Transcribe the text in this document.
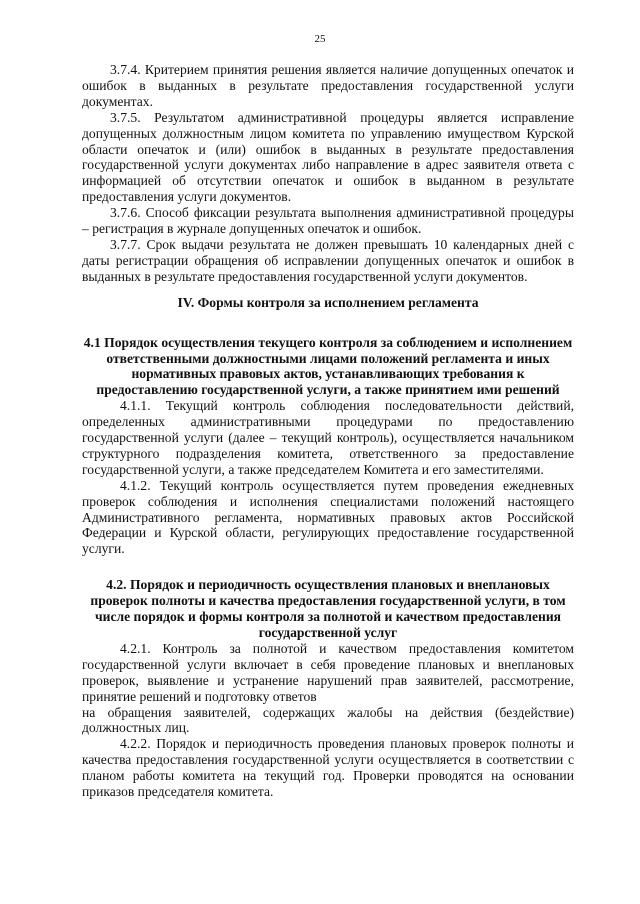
25

3.7.4. Критерием принятия решения является наличие допущенных опечаток и ошибок в выданных в результате предоставления государственной услуги документах.

3.7.5. Результатом административной процедуры является исправление допущенных должностным лицом комитета по управлению имуществом Курской области опечаток и (или) ошибок в выданных в результате предоставления государственной услуги документах либо направление в адрес заявителя ответа с информацией об отсутствии опечаток и ошибок в выданном в результате предоставления услуги документов.

3.7.6. Способ фиксации результата выполнения административной процедуры – регистрация в журнале допущенных опечаток и ошибок.

3.7.7. Срок выдачи результата не должен превышать 10 календарных дней с даты регистрации обращения об исправлении допущенных опечаток и ошибок в выданных в результате предоставления государственной услуги документов.

IV. Формы контроля за исполнением регламента

4.1 Порядок осуществления текущего контроля за соблюдением и исполнением ответственными должностными лицами положений регламента и иных нормативных правовых актов, устанавливающих требования к предоставлению государственной услуги, а также принятием ими решений

4.1.1. Текущий контроль соблюдения последовательности действий, определенных административными процедурами по предоставлению государственной услуги (далее – текущий контроль), осуществляется начальником структурного подразделения комитета, ответственного за предоставление государственной услуги, а также председателем Комитета и его заместителями.

4.1.2. Текущий контроль осуществляется путем проведения ежедневных проверок соблюдения и исполнения специалистами положений настоящего Административного регламента, нормативных правовых актов Российской Федерации и Курской области, регулирующих предоставление государственной услуги.

4.2. Порядок и периодичность осуществления плановых и внеплановых проверок полноты и качества предоставления государственной услуги, в том числе порядок и формы контроля за полнотой и качеством предоставления государственной услуг

4.2.1. Контроль за полнотой и качеством предоставления комитетом государственной услуги включает в себя проведение плановых и внеплановых проверок, выявление и устранение нарушений прав заявителей, рассмотрение, принятие решений и подготовку ответов

на обращения заявителей, содержащих жалобы на действия (бездействие) должностных лиц.

4.2.2. Порядок и периодичность проведения плановых проверок полноты и качества предоставления государственной услуги осуществляется в соответствии с планом работы комитета на текущий год. Проверки проводятся на основании приказов председателя комитета.
